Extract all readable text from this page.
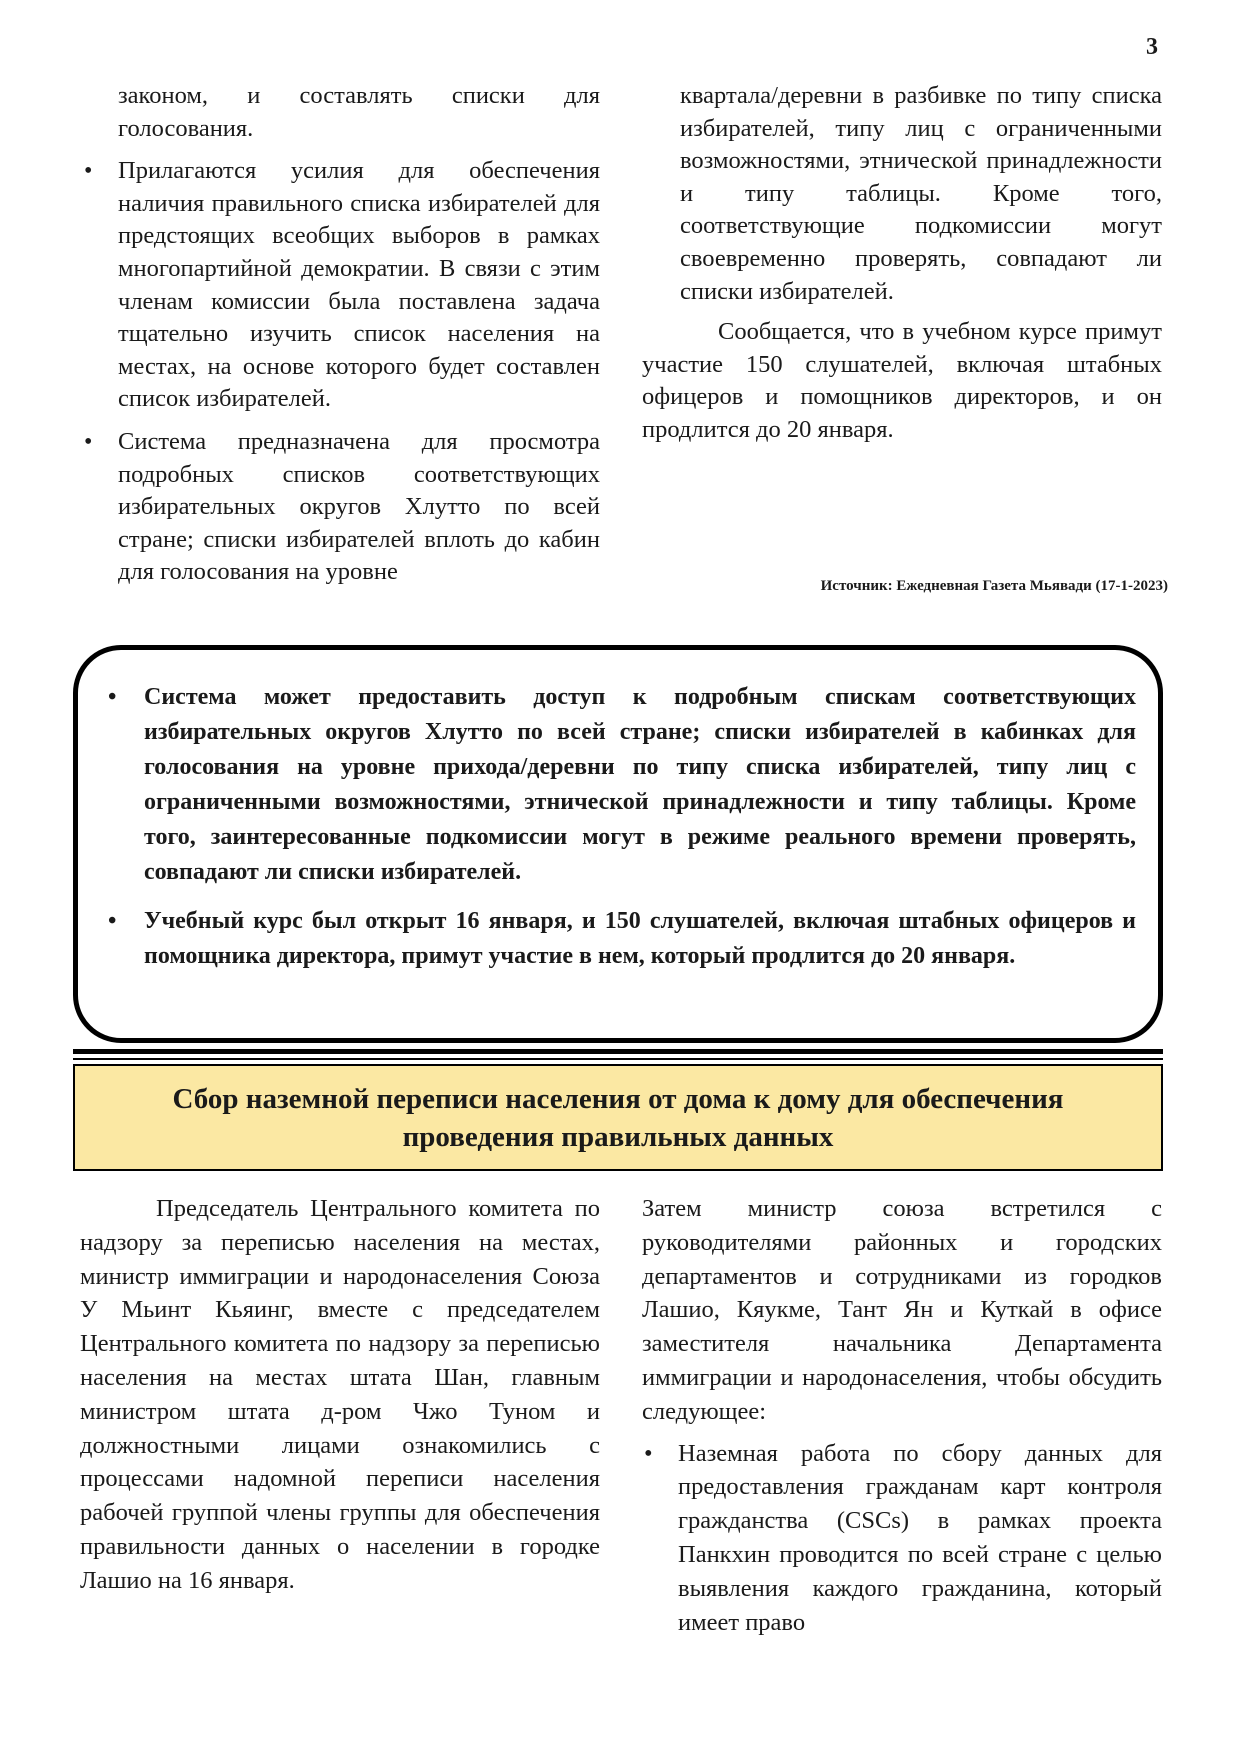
3

законом, и составлять списки для голосования.

• Прилагаются усилия для обеспечения наличия правильного списка избирателей для предстоящих всеобщих выборов в рамках многопартийной демократии. В связи с этим членам комиссии была поставлена задача тщательно изучить список населения на местах, на основе которого будет составлен список избирателей.
• Система предназначена для просмотра подробных списков соответствующих избирательных округов Хлутто по всей стране; списки избирателей вплоть до кабин для голосования на уровне

квартала/деревни в разбивке по типу списка избирателей, типу лиц с ограниченными возможностями, этнической принадлежности и типу таблицы. Кроме того, соответствующие подкомиссии могут своевременно проверять, совпадают ли списки избирателей.

Сообщается, что в учебном курсе примут участие 150 слушателей, включая штабных офицеров и помощников директоров, и он продлится до 20 января.

Источник: Ежедневная Газета Мьявади (17-1-2023)
• Система может предоставить доступ к подробным спискам соответствующих избирательных округов Хлутто по всей стране; списки избирателей в кабинках для голосования на уровне прихода/деревни по типу списка избирателей, типу лиц с ограниченными возможностями, этнической принадлежности и типу таблицы. Кроме того, заинтересованные подкомиссии могут в режиме реального времени проверять, совпадают ли списки избирателей.
• Учебный курс был открыт 16 января, и 150 слушателей, включая штабных офицеров и помощника директора, примут участие в нем, который продлится до 20 января.
Сбор наземной переписи населения от дома к дому для обеспечения проведения правильных данных

Председатель Центрального комитета по надзору за переписью населения на местах, министр иммиграции и народонаселения Союза У Мьинт Кьяинг, вместе с председателем Центрального комитета по надзору за переписью населения на местах штата Шан, главным министром штата д-ром Чжо Туном и должностными лицами ознакомились с процессами надомной переписи населения рабочей группой члены группы для обеспечения правильности данных о населении в городке Лашио на 16 января.

Затем министр союза встретился с руководителями районных и городских департаментов и сотрудниками из городков Лашио, Кяукме, Тант Ян и Куткай в офисе заместителя начальника Департамента иммиграции и народонаселения, чтобы обсудить следующее:

• Наземная работа по сбору данных для предоставления гражданам карт контроля гражданства (CSCs) в рамках проекта Панкхин проводится по всей стране с целью выявления каждого гражданина, который имеет право
